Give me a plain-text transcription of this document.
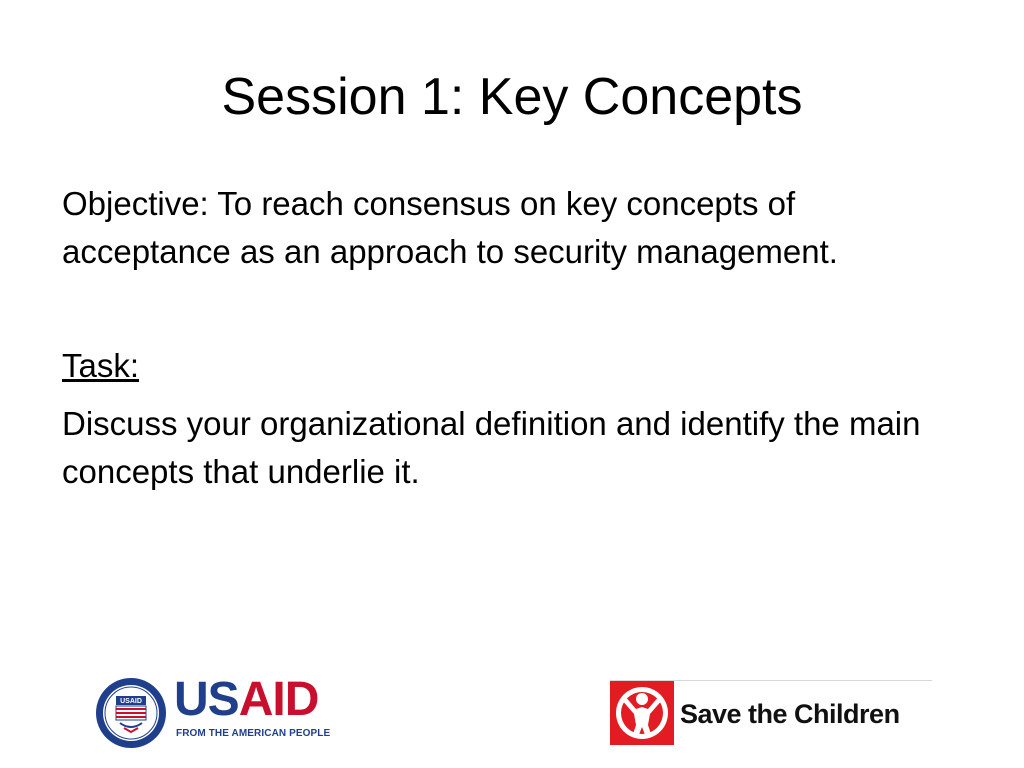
Session 1: Key Concepts

Objective: To reach consensus on key concepts of acceptance as an approach to security management.

Task:

Discuss your organizational definition and identify the main concepts that underlie it.

USAID USAID
FROM THE AMERICAN PEOPLE
Save the Children
